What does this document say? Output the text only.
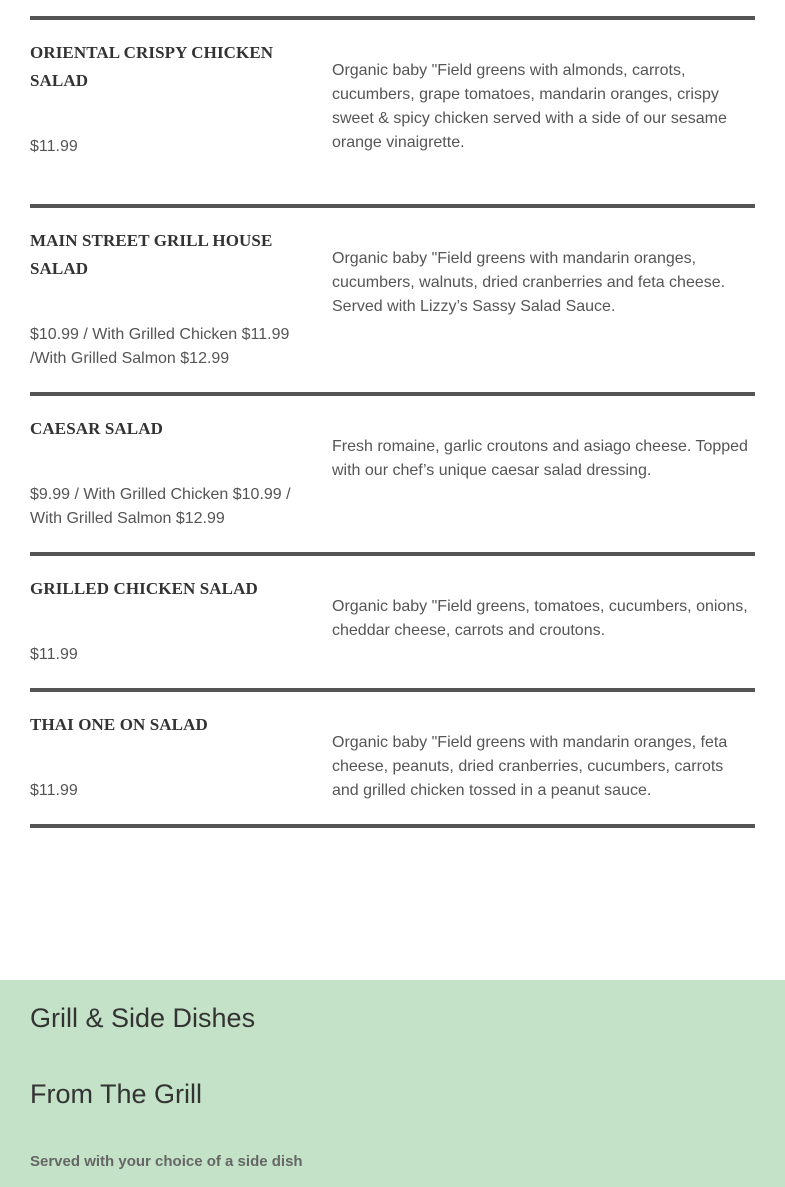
ORIENTAL CRISPY CHICKEN SALAD
$11.99
Organic baby "Field greens with almonds, carrots, cucumbers, grape tomatoes, mandarin oranges, crispy sweet & spicy chicken served with a side of our sesame orange vinaigrette.
MAIN STREET GRILL HOUSE SALAD
$10.99 / With Grilled Chicken $11.99 /With Grilled Salmon $12.99
Organic baby "Field greens with mandarin oranges, cucumbers, walnuts, dried cranberries and feta cheese. Served with Lizzy’s Sassy Salad Sauce.
CAESAR SALAD
$9.99 / With Grilled Chicken $10.99 / With Grilled Salmon $12.99
Fresh romaine, garlic croutons and asiago cheese. Topped with our chef’s unique caesar salad dressing.
GRILLED CHICKEN SALAD
$11.99
Organic baby "Field greens, tomatoes, cucumbers, onions, cheddar cheese, carrots and croutons.
THAI ONE ON SALAD
$11.99
Organic baby "Field greens with mandarin oranges, feta cheese, peanuts, dried cranberries, cucumbers, carrots and grilled chicken tossed in a peanut sauce.
Grill & Side Dishes
From The Grill
Served with your choice of a side dish
